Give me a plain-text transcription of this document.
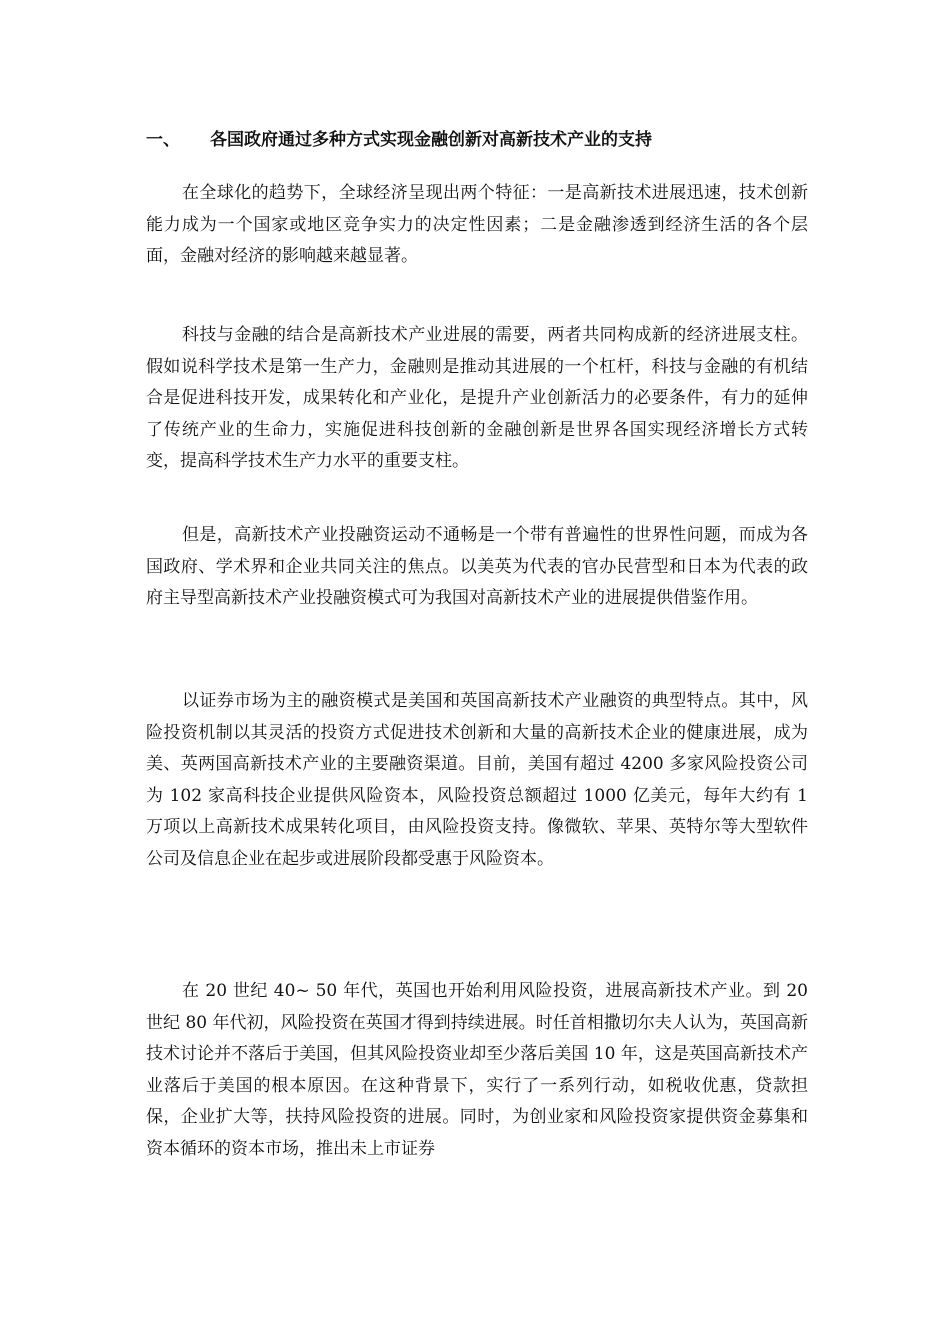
一、 各国政府通过多种方式实现金融创新对高新技术产业的支持

在全球化的趋势下，全球经济呈现出两个特征：一是高新技术进展迅速，技术创新能力成为一个国家或地区竞争实力的决定性因素；二是金融渗透到经济生活的各个层面，金融对经济的影响越来越显著。

科技与金融的结合是高新技术产业进展的需要，两者共同构成新的经济进展支柱。假如说科学技术是第一生产力，金融则是推动其进展的一个杠杆，科技与金融的有机结合是促进科技开发，成果转化和产业化，是提升产业创新活力的必要条件，有力的延伸了传统产业的生命力，实施促进科技创新的金融创新是世界各国实现经济增长方式转变，提高科学技术生产力水平的重要支柱。

但是，高新技术产业投融资运动不通畅是一个带有普遍性的世界性问题，而成为各国政府、学术界和企业共同关注的焦点。以美英为代表的官办民营型和日本为代表的政府主导型高新技术产业投融资模式可为我国对高新技术产业的进展提供借鉴作用。

以证券市场为主的融资模式是美国和英国高新技术产业融资的典型特点。其中，风险投资机制以其灵活的投资方式促进技术创新和大量的高新技术企业的健康进展，成为美、英两国高新技术产业的主要融资渠道。目前，美国有超过 4200 多家风险投资公司为 102 家高科技企业提供风险资本，风险投资总额超过 1000 亿美元，每年大约有 1 万项以上高新技术成果转化项目，由风险投资支持。像微软、苹果、英特尔等大型软件公司及信息企业在起步或进展阶段都受惠于风险资本。

在 20 世纪 40~ 50 年代，英国也开始利用风险投资，进展高新技术产业。到 20 世纪 80 年代初，风险投资在英国才得到持续进展。时任首相撒切尔夫人认为，英国高新技术讨论并不落后于美国，但其风险投资业却至少落后美国 10 年，这是英国高新技术产业落后于美国的根本原因。在这种背景下，实行了一系列行动，如税收优惠，贷款担保，企业扩大等，扶持风险投资的进展。同时，为创业家和风险投资家提供资金募集和资本循环的资本市场，推出未上市证券
